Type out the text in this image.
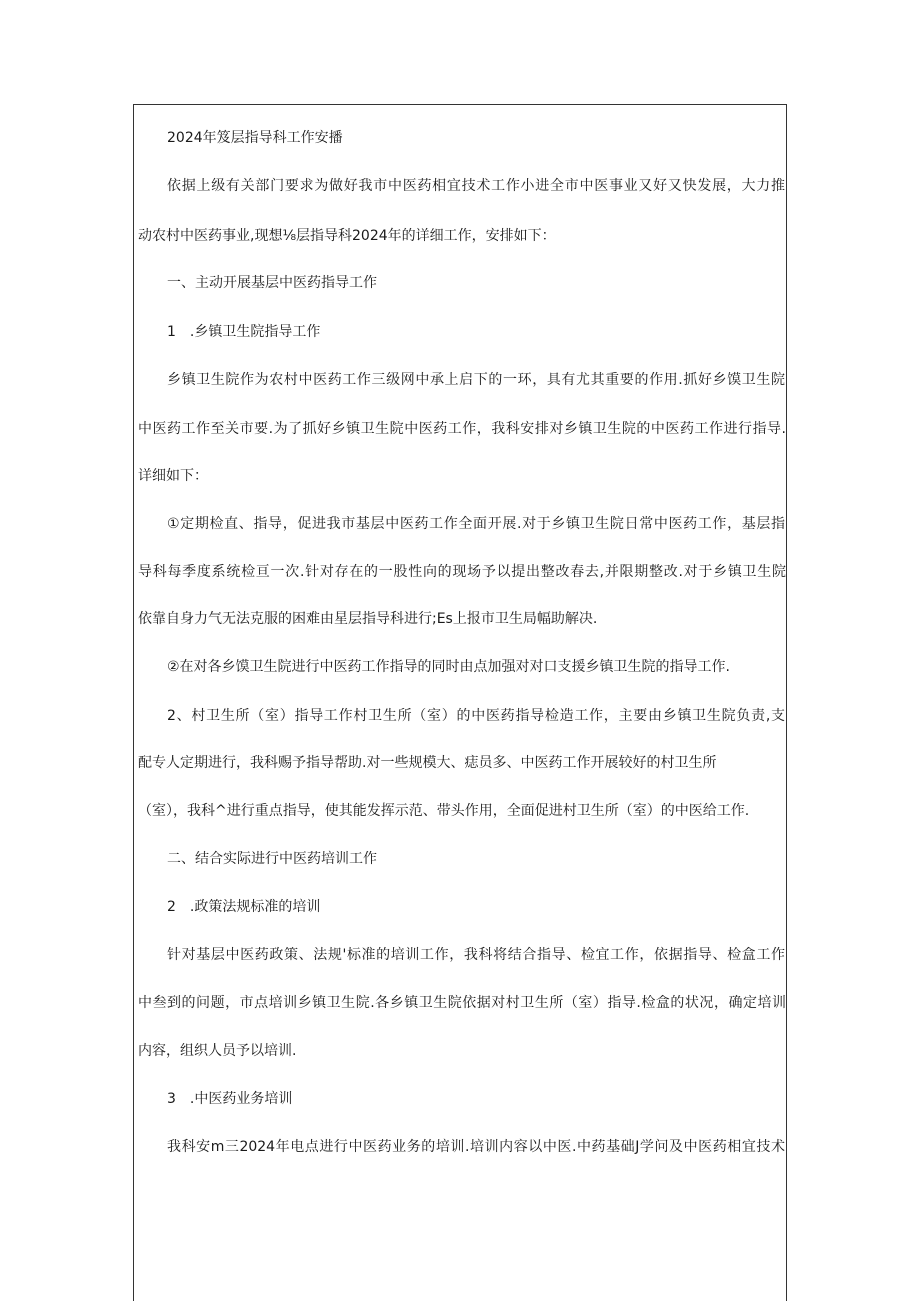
2024年笈层指导科工作安播
依据上级有关部门要求为做好我市中医药相宜技术工作小进全市中医事业又好又快发展，大力推
动农村中医药事业,现想⅛层指导科2024年的详细工作，安排如下：
一、主动开展基层中医药指导工作
1　.乡镇卫生院指导工作
乡镇卫生院作为农村中医药工作三级网中承上启下的一环，具有尤其重要的作用.抓好乡馍卫生院
中医药工作至关市要.为了抓好乡镇卫生院中医药工作，我科安排对乡镇卫生院的中医药工作进行指导.
详细如下：
①定期检直、指导，促进我市基层中医药工作全面开展.对于乡镇卫生院日常中医药工作，基层指
导科每季度系统检亘一次.针对存在的一股性向的现场予以提出整改春去,并限期整改.对于乡镇卫生院
依靠自身力气无法克服的困难由星层指导科进行;Es上报市卫生局幅助解决.
②在对各乡馍卫生院进行中医药工作指导的同时由点加强对对口支援乡镇卫生院的指导工作.
2、村卫生所（室）指导工作村卫生所（室）的中医药指导检造工作，主要由乡镇卫生院负责,支
配专人定期进行，我科赐予指导帮助.对一些规模大、痣员多、中医药工作开展较好的村卫生所
（室），我科^进行重点指导，使其能发挥示范、带头作用，全面促进村卫生所（室）的中医给工作.
二、结合实际进行中医药培训工作
2　.政策法规标准的培训
针对基层中医药政策、法规'标准的培训工作，我科将结合指导、检宜工作，依据指导、检盒工作
中叁到的问题，市点培训乡镇卫生院.各乡镇卫生院依据对村卫生所（室）指导.检盒的状况，确定培训
内容，组织人员予以培训.
3　.中医药业务培训
我科安m三2024年电点进行中医药业务的培训.培训内容以中医.中药基础J学问及中医药相宜技术
